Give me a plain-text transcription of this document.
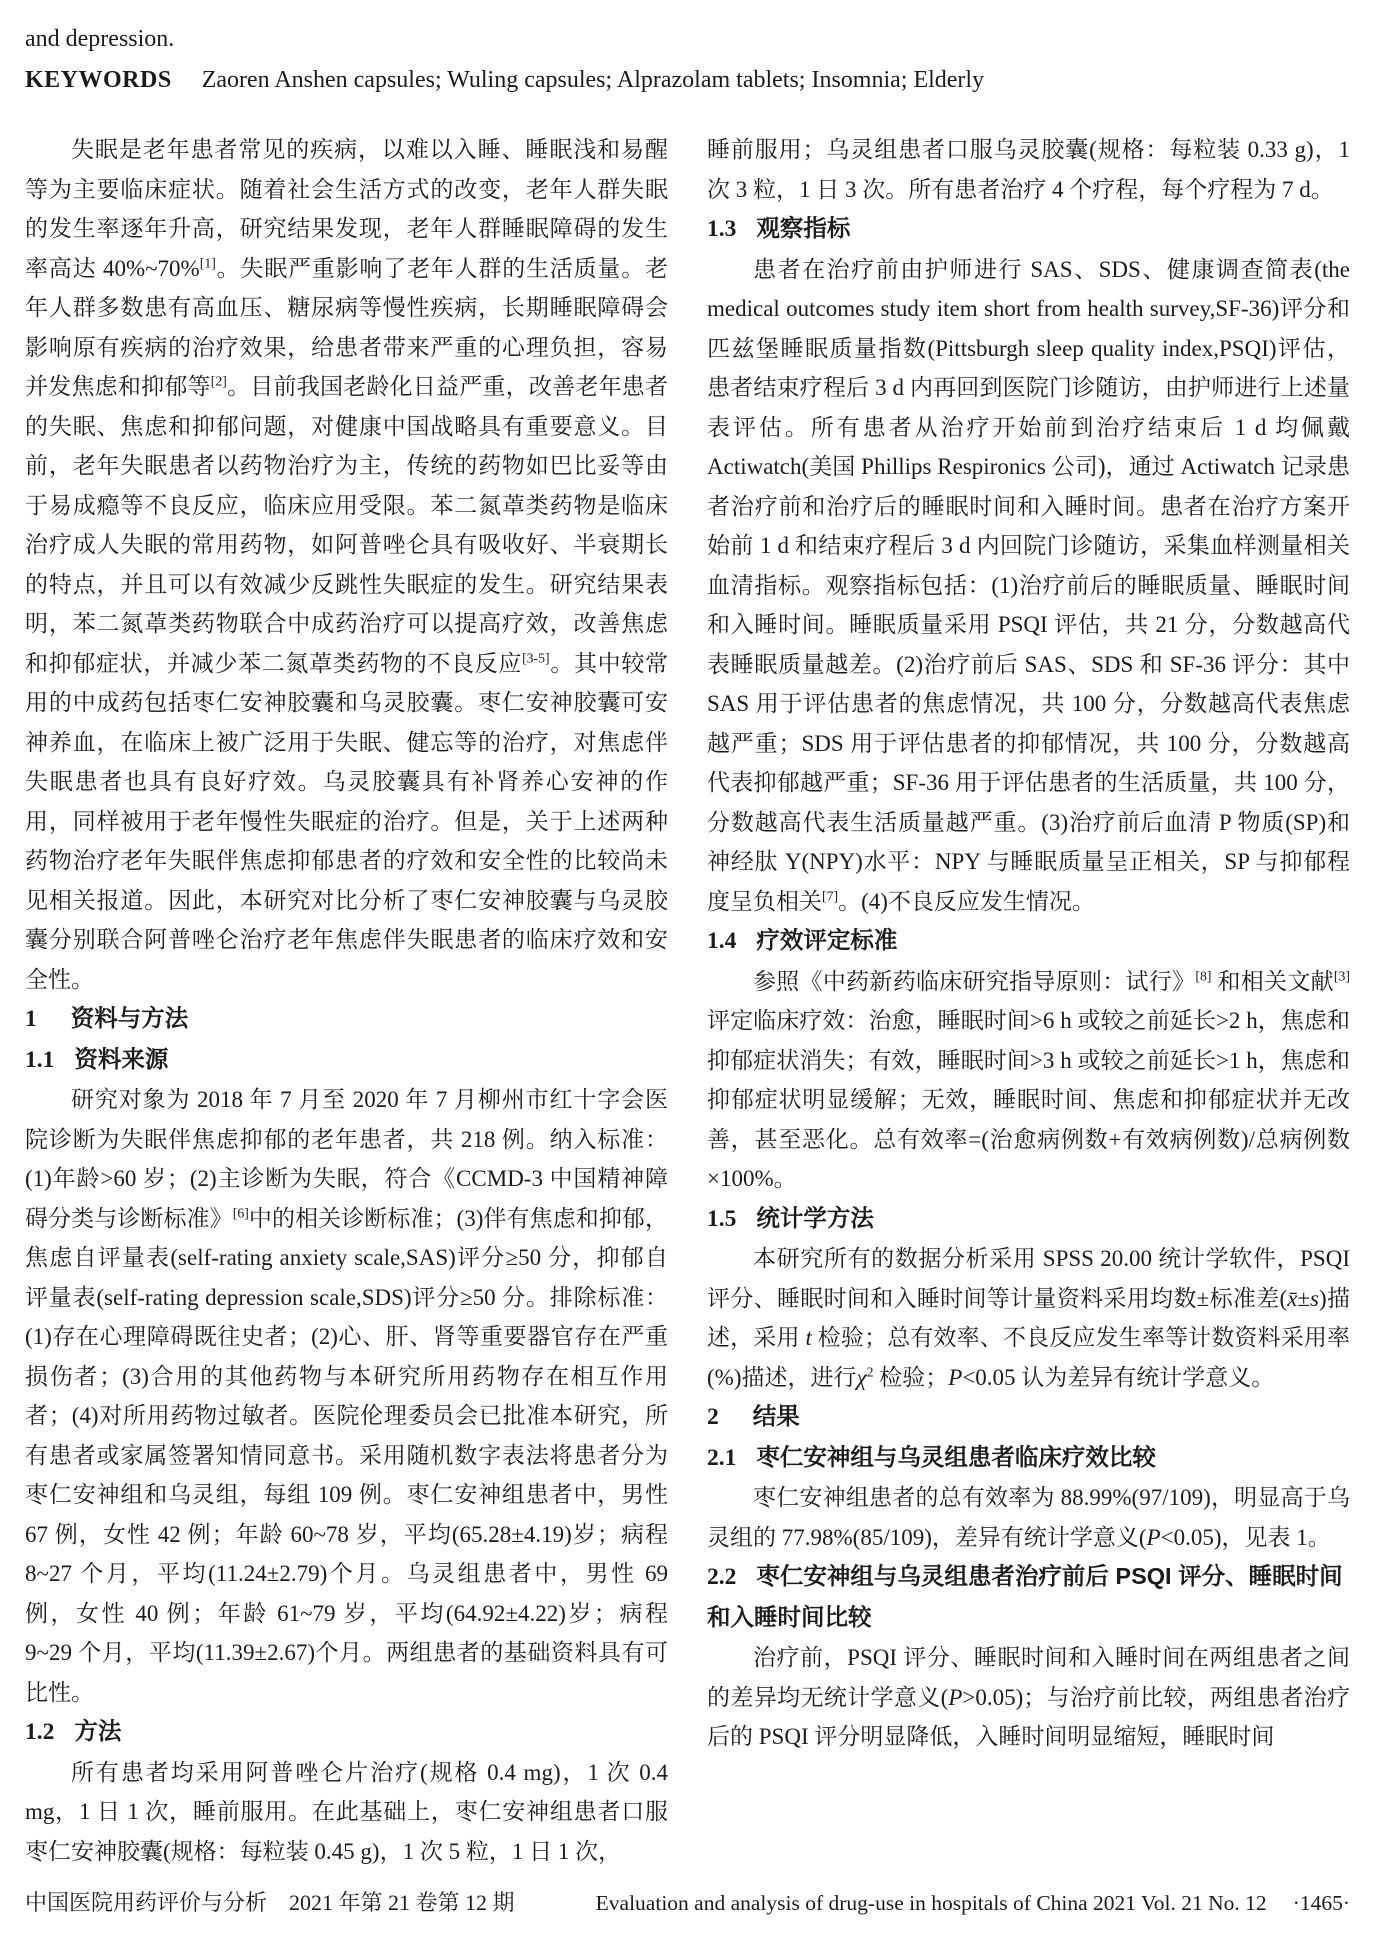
and depression.
KEYWORDS Zaoren Anshen capsules; Wuling capsules; Alprazolam tablets; Insomnia; Elderly

失眠是老年患者常见的疾病，以难以入睡、睡眠浅和易醒等为主要临床症状。随着社会生活方式的改变，老年人群失眠的发生率逐年升高，研究结果发现，老年人群睡眠障碍的发生率高达 40%~70%[1]。失眠严重影响了老年人群的生活质量。老年人群多数患有高血压、糖尿病等慢性疾病，长期睡眠障碍会影响原有疾病的治疗效果，给患者带来严重的心理负担，容易并发焦虑和抑郁等[2]。目前我国老龄化日益严重，改善老年患者的失眠、焦虑和抑郁问题，对健康中国战略具有重要意义。目前，老年失眠患者以药物治疗为主，传统的药物如巴比妥等由于易成瘾等不良反应，临床应用受限。苯二氮䓬类药物是临床治疗成人失眠的常用药物，如阿普唑仑具有吸收好、半衰期长的特点，并且可以有效减少反跳性失眠症的发生。研究结果表明，苯二氮䓬类药物联合中成药治疗可以提高疗效，改善焦虑和抑郁症状，并减少苯二氮䓬类药物的不良反应[3-5]。其中较常用的中成药包括枣仁安神胶囊和乌灵胶囊。枣仁安神胶囊可安神养血，在临床上被广泛用于失眠、健忘等的治疗，对焦虑伴失眠患者也具有良好疗效。乌灵胶囊具有补肾养心安神的作用，同样被用于老年慢性失眠症的治疗。但是，关于上述两种药物治疗老年失眠伴焦虑抑郁患者的疗效和安全性的比较尚未见相关报道。因此，本研究对比分析了枣仁安神胶囊与乌灵胶囊分别联合阿普唑仑治疗老年焦虑伴失眠患者的临床疗效和安全性。

1 资料与方法
1.1 资料来源

研究对象为 2018 年 7 月至 2020 年 7 月柳州市红十字会医院诊断为失眠伴焦虑抑郁的老年患者，共 218 例。纳入标准：(1)年龄>60 岁；(2)主诊断为失眠，符合《CCMD-3 中国精神障碍分类与诊断标准》[6]中的相关诊断标准；(3)伴有焦虑和抑郁，焦虑自评量表(self-rating anxiety scale,SAS)评分≥50 分，抑郁自评量表(self-rating depression scale,SDS)评分≥50 分。排除标准：(1)存在心理障碍既往史者；(2)心、肝、肾等重要器官存在严重损伤者；(3)合用的其他药物与本研究所用药物存在相互作用者；(4)对所用药物过敏者。医院伦理委员会已批准本研究，所有患者或家属签署知情同意书。采用随机数字表法将患者分为枣仁安神组和乌灵组，每组 109 例。枣仁安神组患者中，男性 67 例，女性 42 例；年龄 60~78 岁，平均(65.28±4.19)岁；病程 8~27 个月，平均(11.24±2.79)个月。乌灵组患者中，男性 69 例，女性 40 例；年龄 61~79 岁，平均(64.92±4.22)岁；病程 9~29 个月，平均(11.39±2.67)个月。两组患者的基础资料具有可比性。

1.2 方法

所有患者均采用阿普唑仑片治疗(规格 0.4 mg)，1 次 0.4 mg，1 日 1 次，睡前服用。在此基础上，枣仁安神组患者口服枣仁安神胶囊(规格：每粒装 0.45 g)，1 次 5 粒，1 日 1 次，

睡前服用；乌灵组患者口服乌灵胶囊(规格：每粒装 0.33 g)，1 次 3 粒，1 日 3 次。所有患者治疗 4 个疗程，每个疗程为 7 d。

1.3 观察指标

患者在治疗前由护师进行 SAS、SDS、健康调查简表(the medical outcomes study item short from health survey,SF-36)评分和匹兹堡睡眠质量指数(Pittsburgh sleep quality index,PSQI)评估，患者结束疗程后 3 d 内再回到医院门诊随访，由护师进行上述量表评估。所有患者从治疗开始前到治疗结束后 1 d 均佩戴 Actiwatch(美国 Phillips Respironics 公司)，通过 Actiwatch 记录患者治疗前和治疗后的睡眠时间和入睡时间。患者在治疗方案开始前 1 d 和结束疗程后 3 d 内回院门诊随访，采集血样测量相关血清指标。观察指标包括：(1)治疗前后的睡眠质量、睡眠时间和入睡时间。睡眠质量采用 PSQI 评估，共 21 分，分数越高代表睡眠质量越差。(2)治疗前后 SAS、SDS 和 SF-36 评分：其中 SAS 用于评估患者的焦虑情况，共 100 分，分数越高代表焦虑越严重；SDS 用于评估患者的抑郁情况，共 100 分，分数越高代表抑郁越严重；SF-36 用于评估患者的生活质量，共 100 分，分数越高代表生活质量越严重。(3)治疗前后血清 P 物质(SP)和神经肽 Y(NPY)水平：NPY 与睡眠质量呈正相关，SP 与抑郁程度呈负相关[7]。(4)不良反应发生情况。

1.4 疗效评定标准

参照《中药新药临床研究指导原则：试行》[8] 和相关文献[3]评定临床疗效：治愈，睡眠时间>6 h 或较之前延长>2 h，焦虑和抑郁症状消失；有效，睡眠时间>3 h 或较之前延长>1 h，焦虑和抑郁症状明显缓解；无效，睡眠时间、焦虑和抑郁症状并无改善，甚至恶化。总有效率=(治愈病例数+有效病例数)/总病例数×100%。

1.5 统计学方法

本研究所有的数据分析采用 SPSS 20.00 统计学软件，PSQI 评分、睡眠时间和入睡时间等计量资料采用均数±标准差(x̄±s)描述，采用 t 检验；总有效率、不良反应发生率等计数资料采用率(%)描述，进行$\chi^2$ 检验；P<0.05 认为差异有统计学意义。

2 结果
2.1 枣仁安神组与乌灵组患者临床疗效比较

枣仁安神组患者的总有效率为 88.99%(97/109)，明显高于乌灵组的 77.98%(85/109)，差异有统计学意义(P<0.05)，见表 1。

2.2 枣仁安神组与乌灵组患者治疗前后 PSQI 评分、睡眠时间和入睡时间比较

治疗前，PSQI 评分、睡眠时间和入睡时间在两组患者之间的差异均无统计学意义(P>0.05)；与治疗前比较，两组患者治疗后的 PSQI 评分明显降低，入睡时间明显缩短，睡眠时间

中国医院用药评价与分析　2021 年第 21 卷第 12 期	Evaluation and analysis of drug-use in hospitals of China 2021 Vol. 21 No. 12 ·1465·
